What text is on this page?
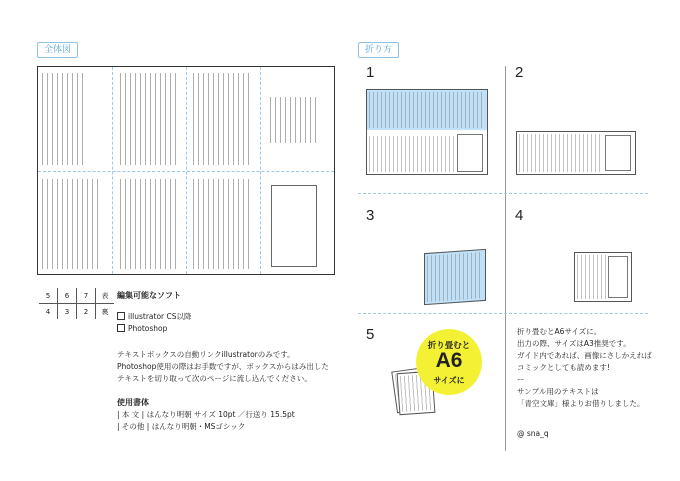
全体図
5	6	7	表
4	3	2	裏
編集可能なソフト
illustrator CS以降
Photoshop
テキストボックスの自動リンクillustratorのみです。
Photoshop使用の際はお手数ですが、ボックスからはみ出した
テキストを切り取って次のページに流し込んでください。
使用書体
| 本 文 | はんなり明朝 サイズ 10pt ／行送り 15.5pt
| その他 | はんなり明朝・MSゴシック
折り方
1	2
3	4
5
折り畳むと
A6
サイズに
折り畳むとA6サイズに。
出力の際、サイズはA3推奨です。
ガイド内であれば、画像にさしかえれば
コミックとしても読めます!
ー
サンプル用のテキストは
「青空文庫」様よりお借りしました。
@ sna_q
